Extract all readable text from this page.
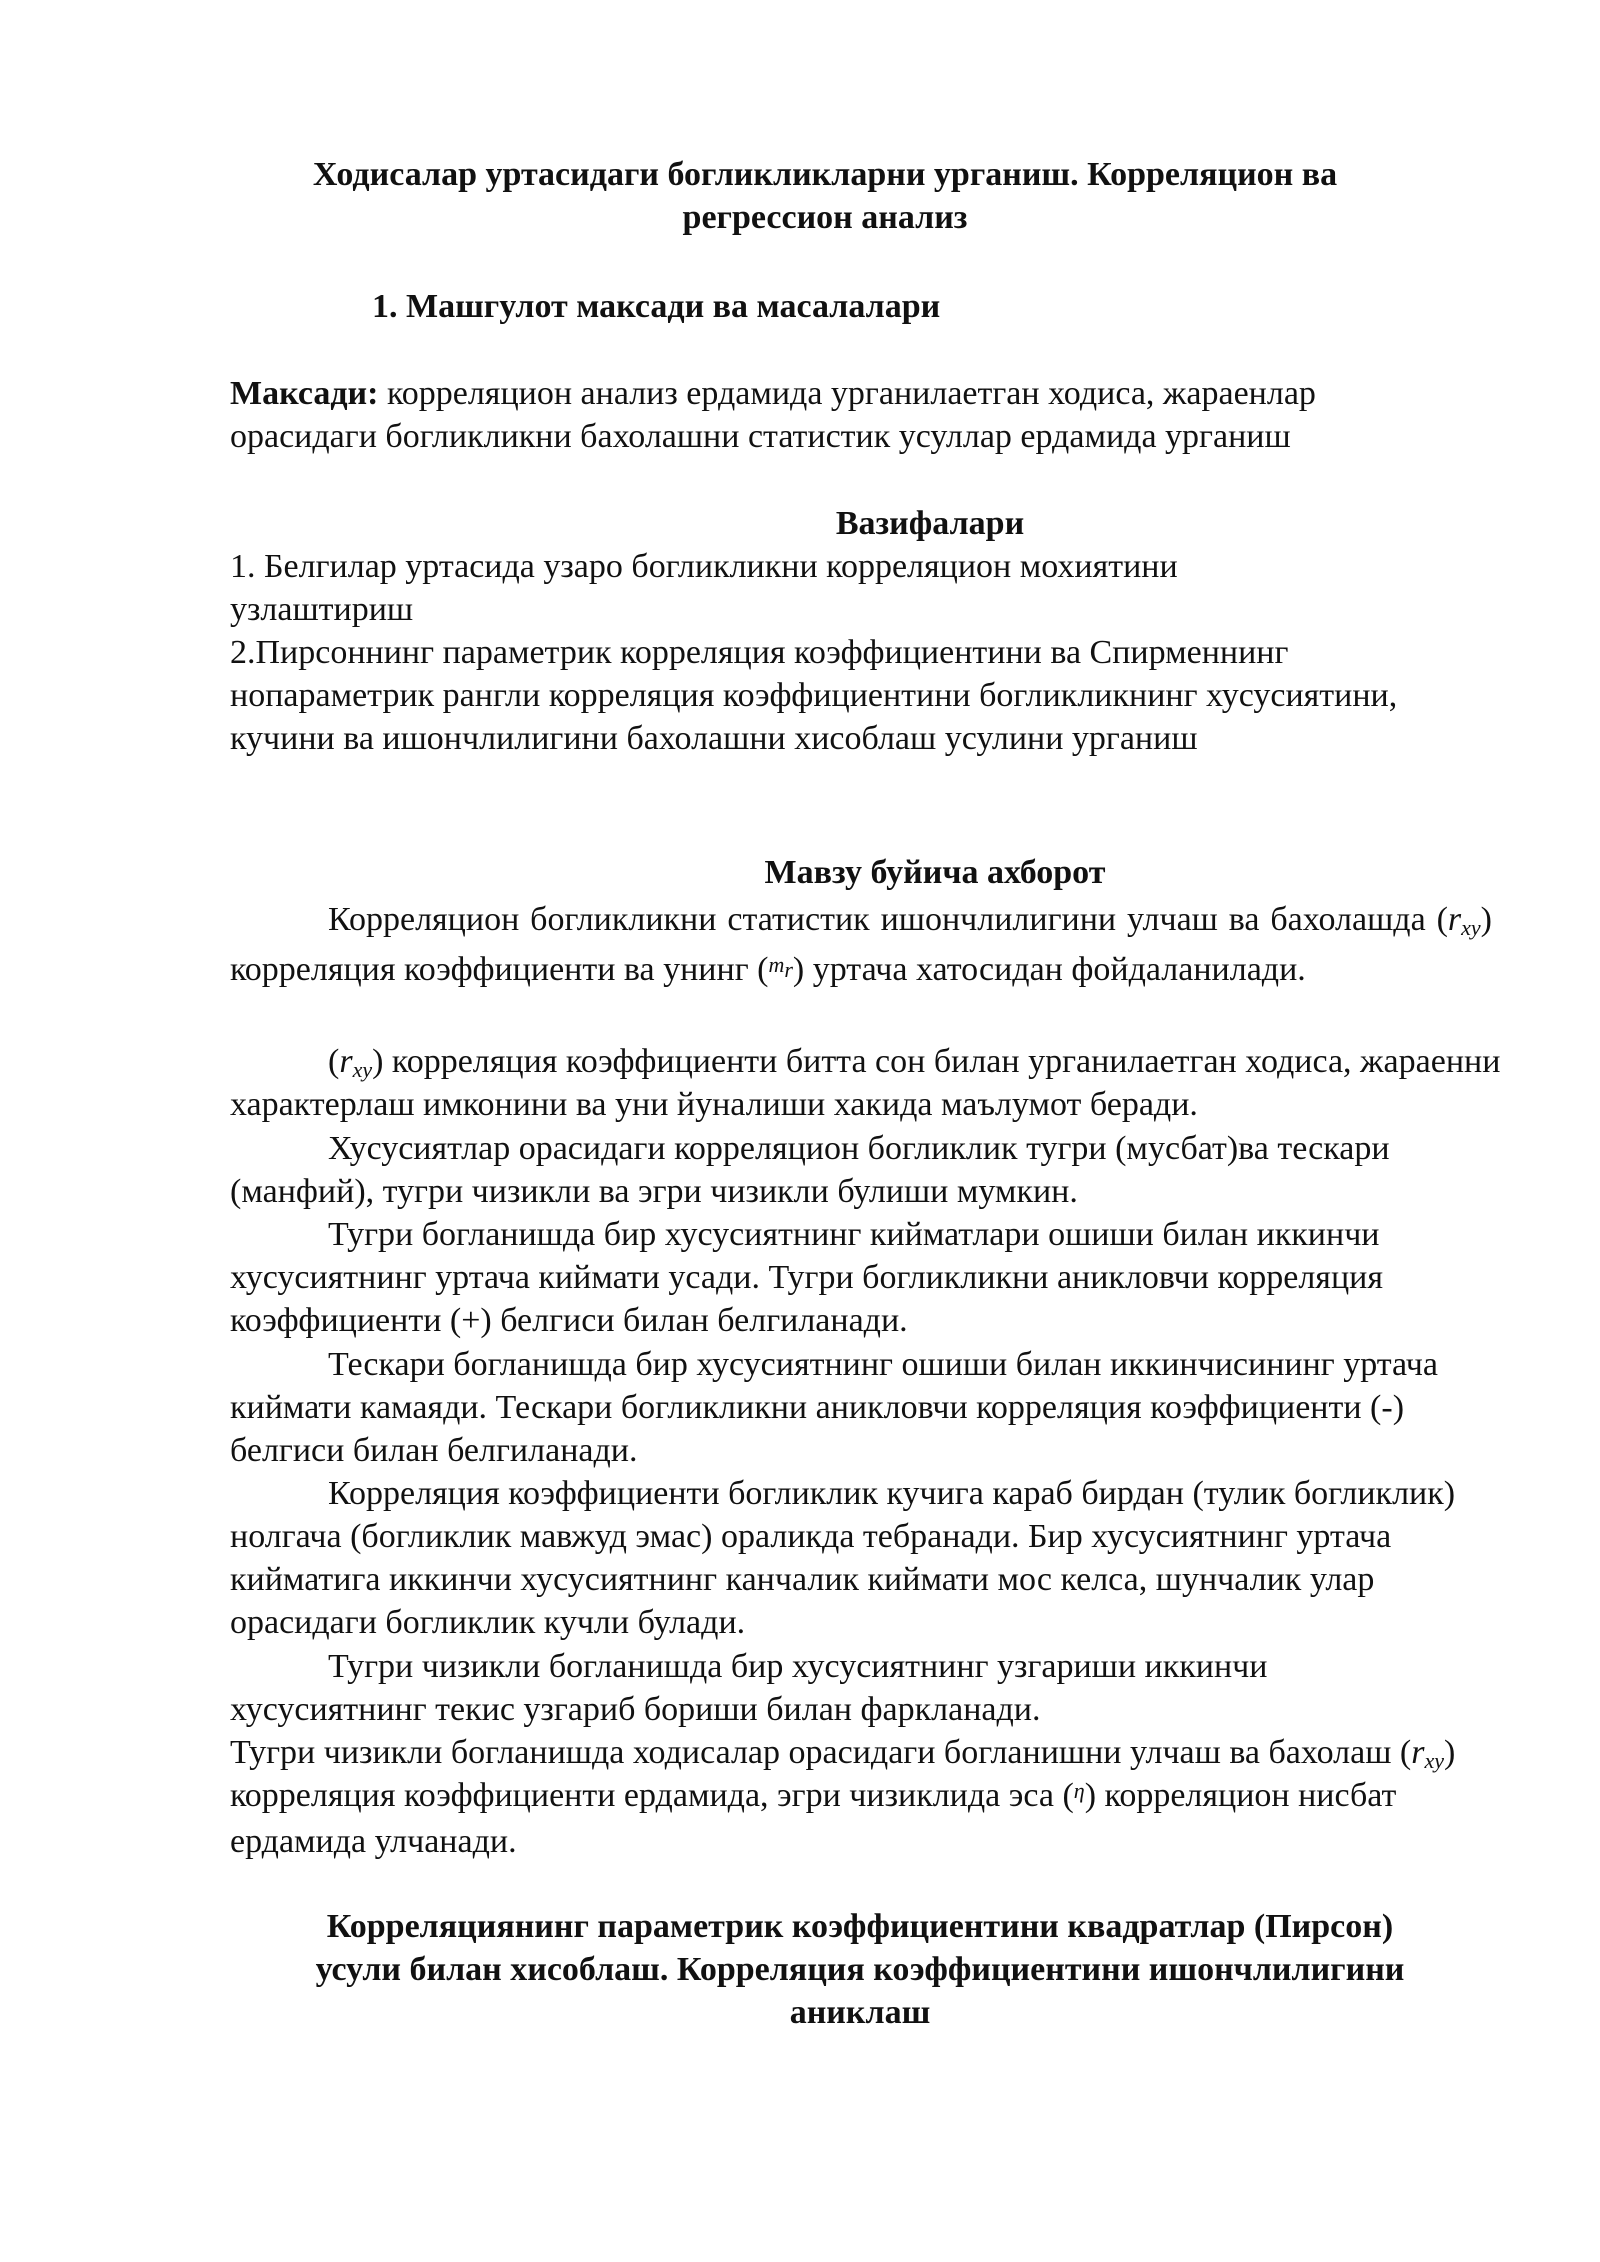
Ходисалар уртасидаги богликликларни урганиш. Корреляцион ва
регрессион анализ
1. Машгулот максади ва масалалари
Максади: корреляцион анализ ердамида урганилаетган ходиса, жараенлар
орасидаги богликликни бахолашни статистик усуллар ердамида урганиш
Вазифалари
1. Белгилар уртасида узаро богликликни корреляцион мохиятини узлаштириш
2.Пирсоннинг параметрик корреляция коэффициентини ва Спирменнинг нопараметрик рангли корреляция коэффициентини богликликнинг хусусиятини, кучини ва ишончлилигини бахолашни хисоблаш усулини урганиш
Мавзу буйича ахборот
Корреляцион богликликни статистик ишончлилигини улчаш ва бахолашда $(r_{xy})$ корреляция коэффициенти ва унинг ($^{m_r}$) уртача хатосидан фойдаланилади.
$(r_{xy})$ корреляция коэффициенти битта сон билан урганилаетган ходиса, жараенни характерлаш имконини ва уни йуналиши хакида маълумот беради.
Хусусиятлар орасидаги корреляцион богликлик тугри (мусбат)ва тескари (манфий), тугри чизикли ва эгри чизикли булиши мумкин.
Тугри богланишда бир хусусиятнинг кийматлари ошиши билан иккинчи хусусиятнинг уртача киймати усади. Тугри богликликни аникловчи корреляция коэффициенти (+) белгиси билан белгиланади.
Тескари богланишда бир хусусиятнинг ошиши билан иккинчисининг уртача киймати камаяди. Тескари богликликни аникловчи корреляция коэффициенти (-) белгиси билан белгиланади.
Корреляция коэффициенти богликлик кучига караб бирдан (тулик богликлик) нолгача (богликлик мавжуд эмас) ораликда тебранади. Бир хусусиятнинг уртача кийматига иккинчи хусусиятнинг канчалик киймати мос келса, шунчалик улар орасидаги богликлик кучли булади.
Тугри чизикли богланишда бир хусусиятнинг узгариши иккинчи хусусиятнинг текис узгариб бориши билан фаркланади.
Тугри чизикли богланишда ходисалар орасидаги богланишни улчаш ва бахолаш $(r_{xy})$ корреляция коэффициенти ердамида, эгри чизиклида эса ($^\eta$) корреляцион нисбат ердамида улчанади.
Корреляциянинг параметрик коэффициентини квадратлар (Пирсон)
усули билан хисоблаш. Корреляция коэффициентини ишончлилигини
аниклаш
